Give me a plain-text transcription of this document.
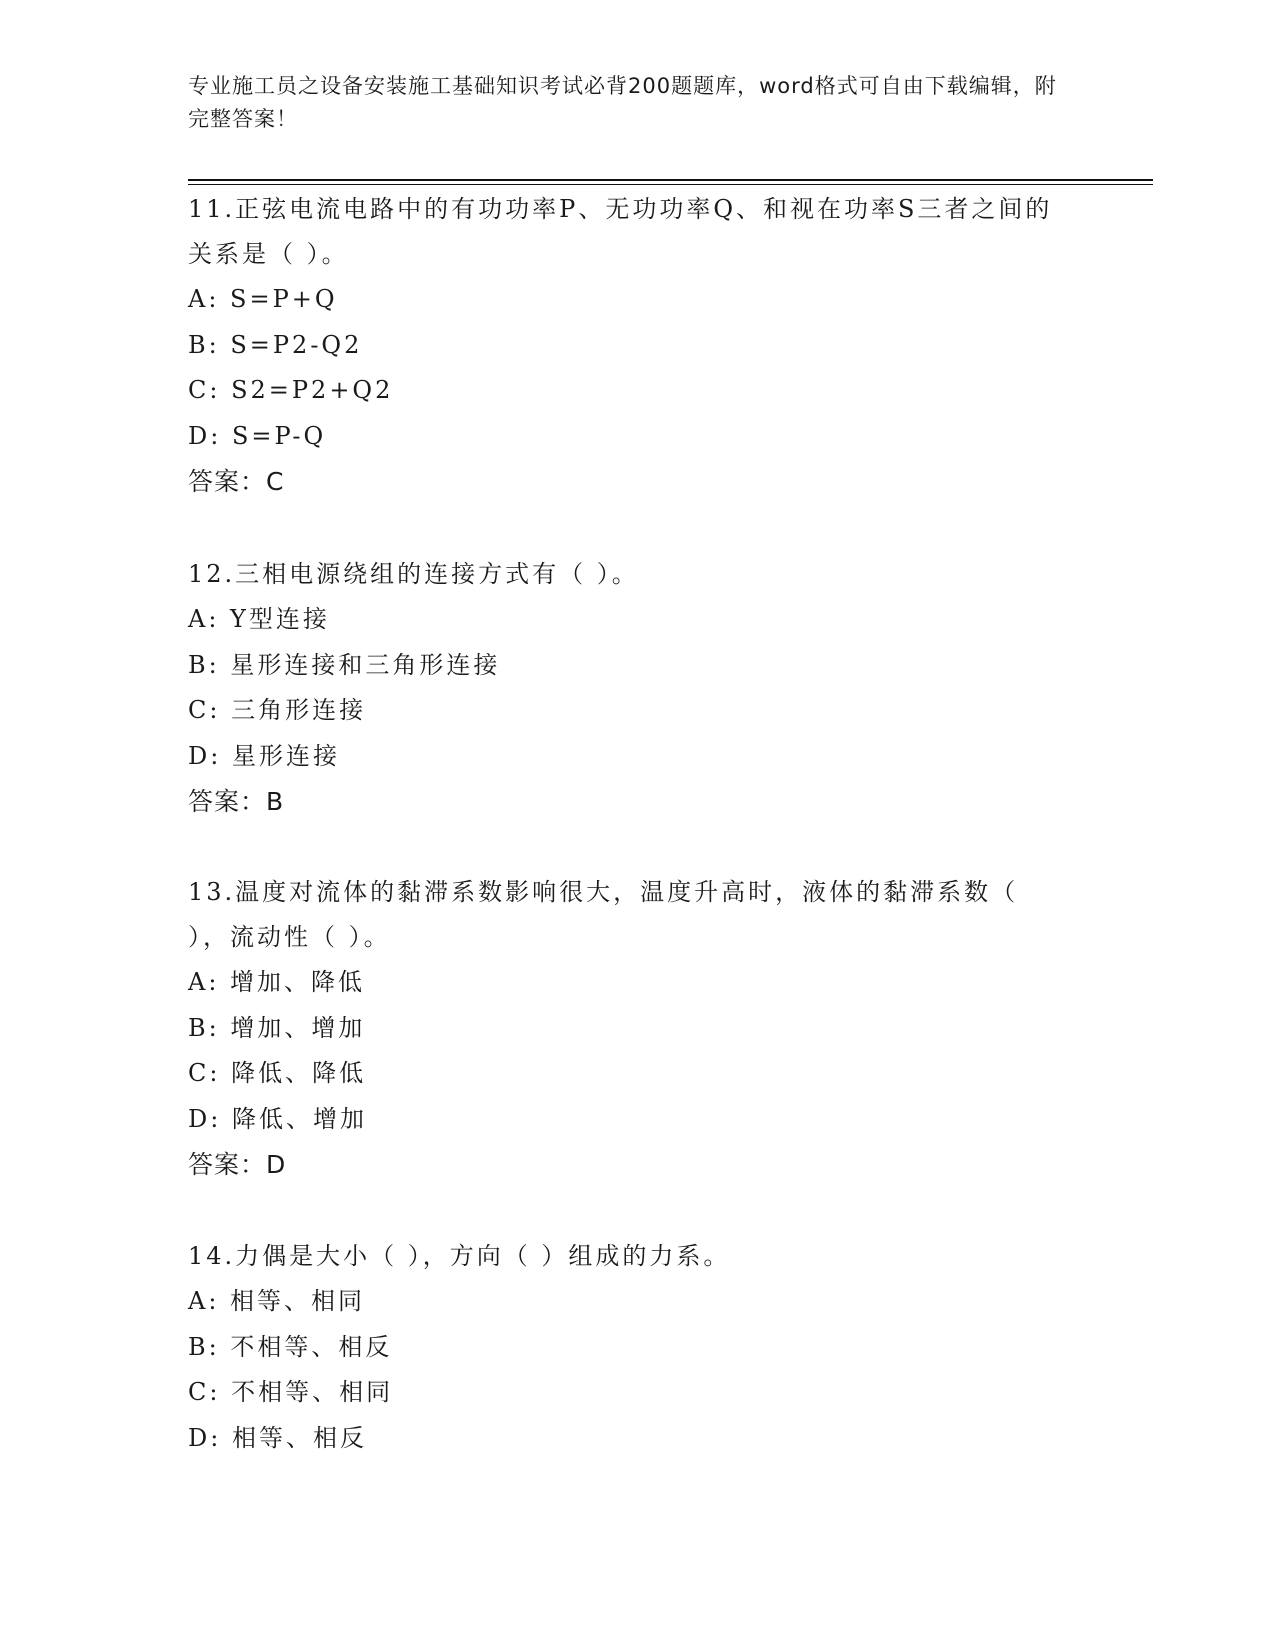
专业施工员之设备安装施工基础知识考试必背200题题库，word格式可自由下载编辑，附完整答案！
11.正弦电流电路中的有功功率P、无功功率Q、和视在功率S三者之间的关系是（ ）。
A: S=P+Q
B: S=P2-Q2
C: S2=P2+Q2
D: S=P-Q
答案：C
12.三相电源绕组的连接方式有（ ）。
A: Y型连接
B: 星形连接和三角形连接
C: 三角形连接
D: 星形连接
答案：B
13.温度对流体的黏滞系数影响很大，温度升高时，液体的黏滞系数（ ），流动性（ ）。
A: 增加、降低
B: 增加、增加
C: 降低、降低
D: 降低、增加
答案：D
14.力偶是大小（ ），方向（ ）组成的力系。
A: 相等、相同
B: 不相等、相反
C: 不相等、相同
D: 相等、相反
